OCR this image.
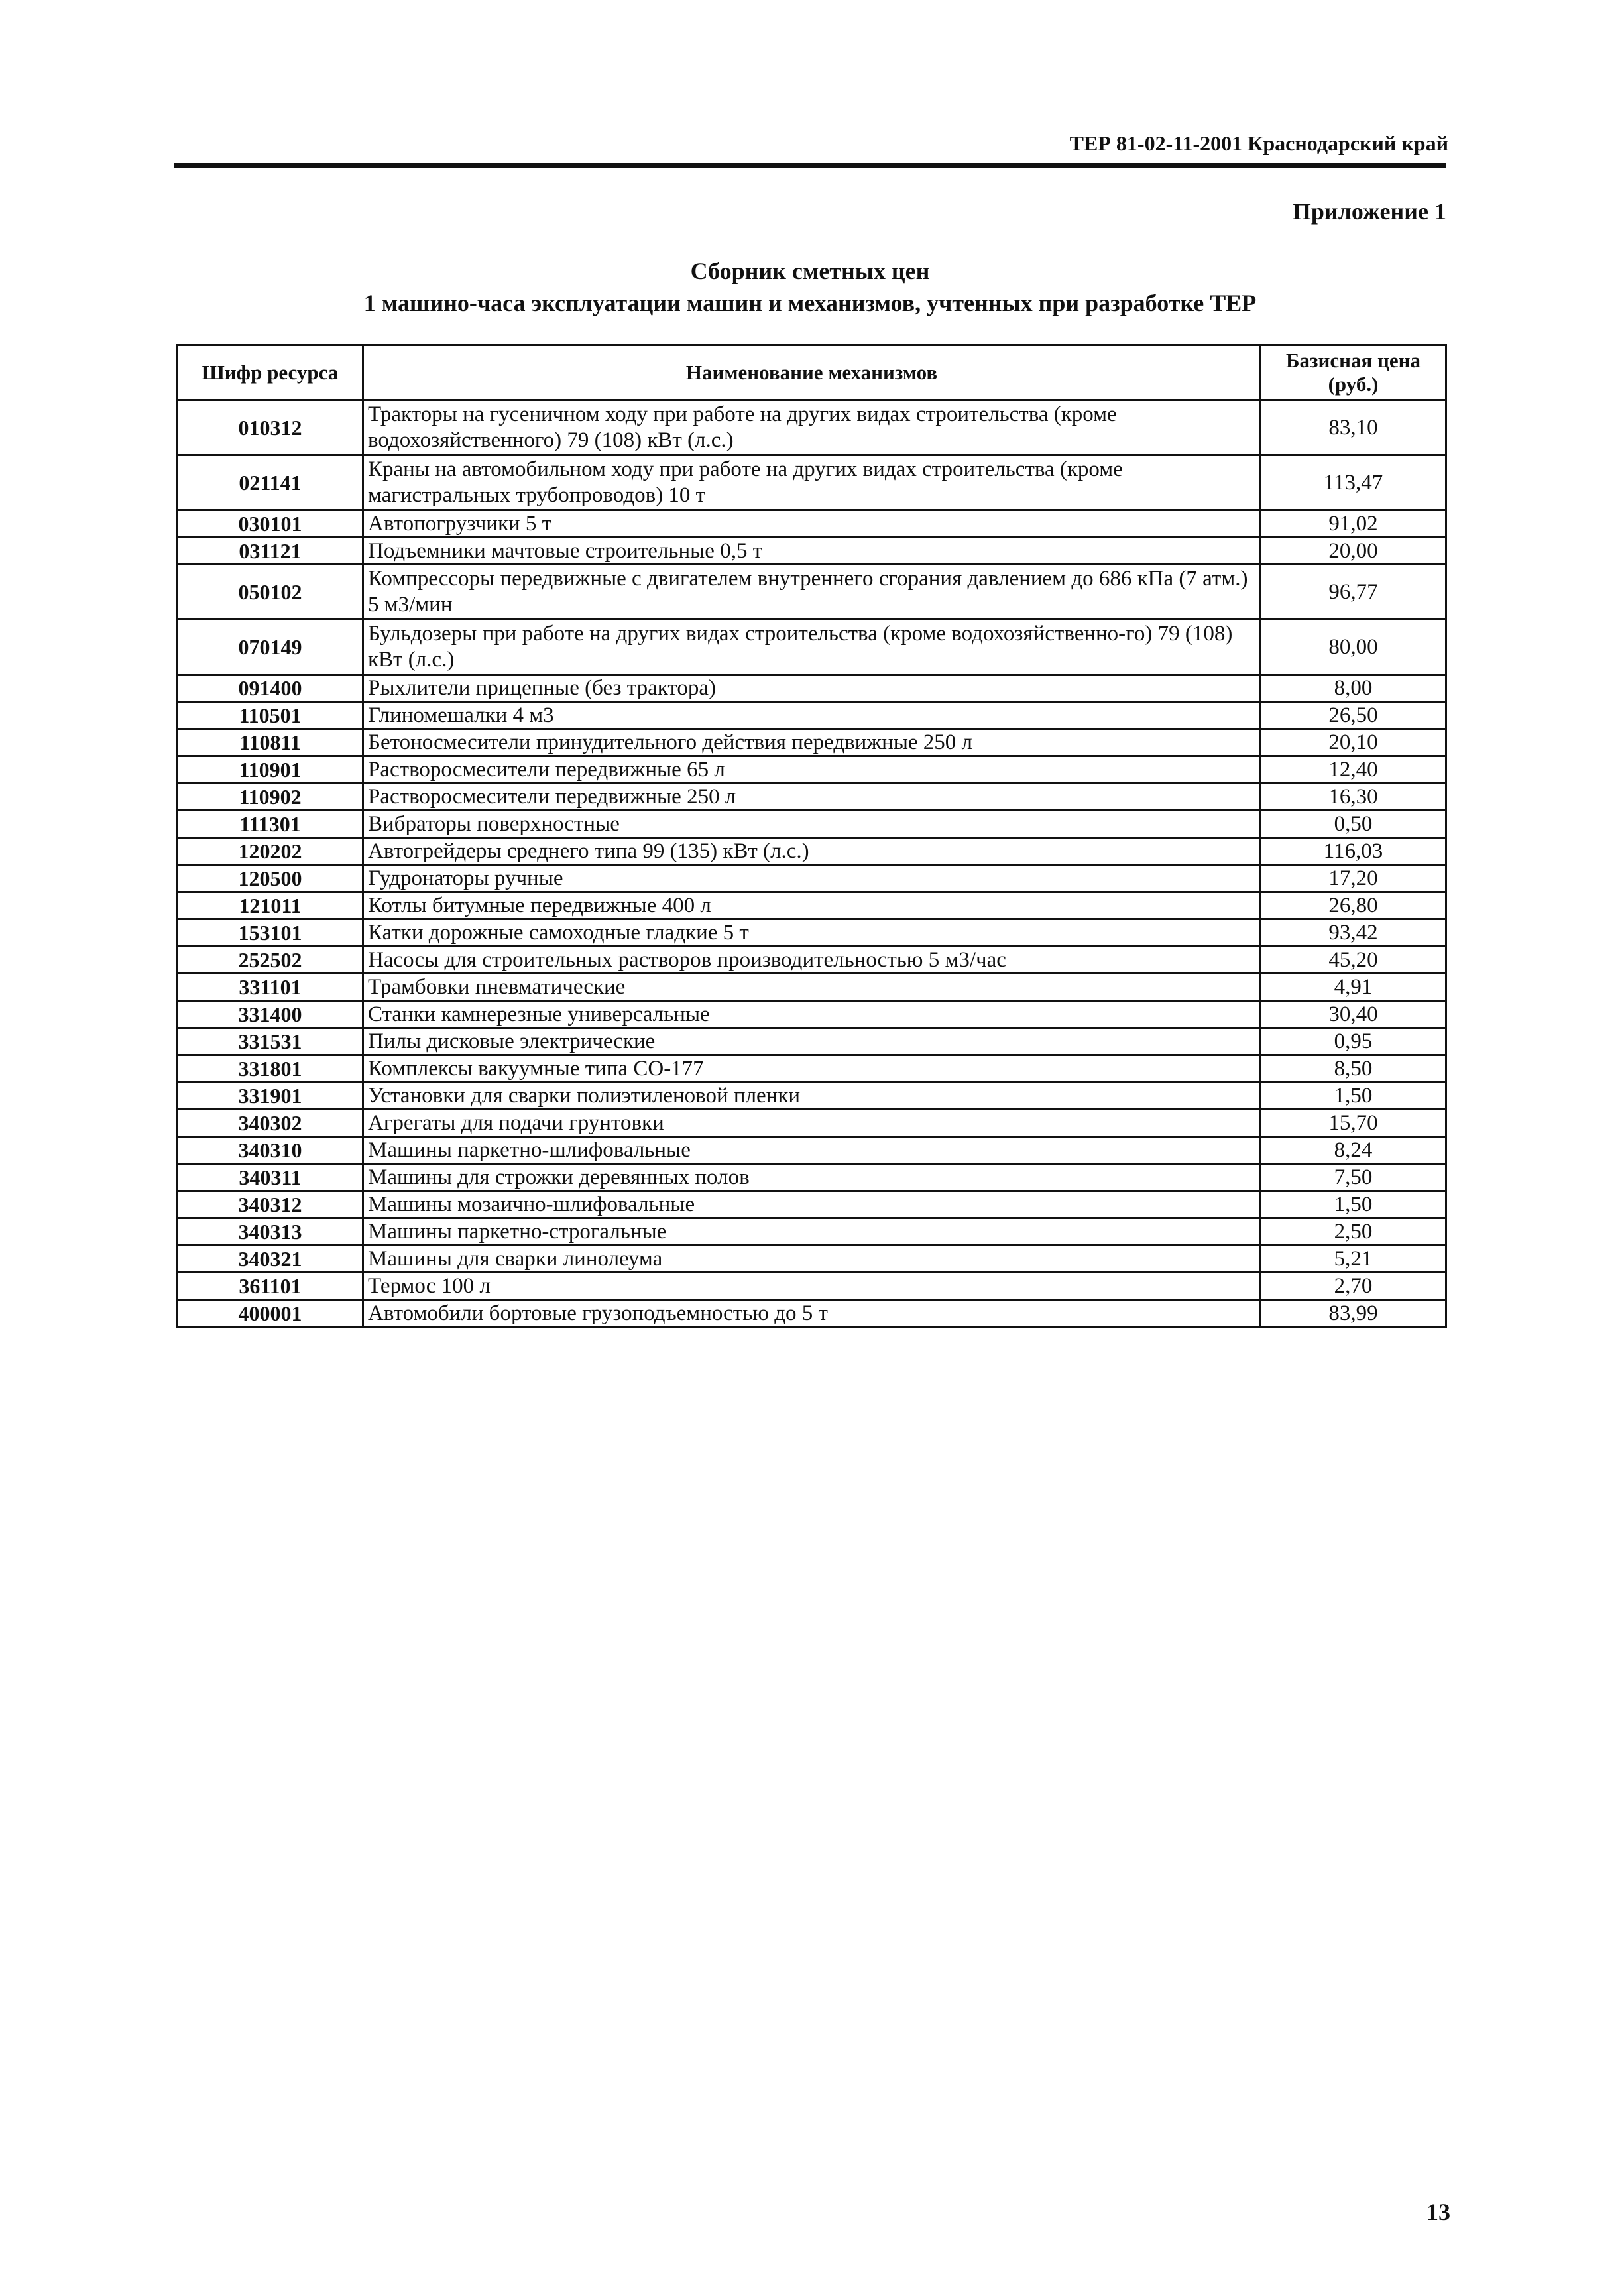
ТЕР 81-02-11-2001 Краснодарский край
Приложение 1
Сборник сметных цен
1 машино-часа эксплуатации машин и механизмов, учтенных при разработке ТЕР
Шифр ресурса	Наименование механизмов	Базисная цена (руб.)
010312	Тракторы на гусеничном ходу при работе на других видах строительства (кроме водохозяйственного) 79 (108) кВт (л.с.)	83,10
021141	Краны на автомобильном ходу при работе на других видах строительства (кроме магистральных трубопроводов) 10 т	113,47
030101	Автопогрузчики 5 т	91,02
031121	Подъемники мачтовые строительные 0,5 т	20,00
050102	Компрессоры передвижные с двигателем внутреннего сгорания давлением до 686 кПа (7 атм.) 5 м3/мин	96,77
070149	Бульдозеры при работе на других видах строительства (кроме водохозяйственно-го) 79 (108) кВт (л.с.)	80,00
091400	Рыхлители прицепные (без трактора)	8,00
110501	Глиномешалки 4 м3	26,50
110811	Бетоносмесители принудительного действия передвижные 250 л	20,10
110901	Растворосмесители передвижные 65 л	12,40
110902	Растворосмесители передвижные 250 л	16,30
111301	Вибраторы поверхностные	0,50
120202	Автогрейдеры среднего типа 99 (135) кВт (л.с.)	116,03
120500	Гудронаторы ручные	17,20
121011	Котлы битумные передвижные 400 л	26,80
153101	Катки дорожные самоходные гладкие 5 т	93,42
252502	Насосы для строительных растворов производительностью 5 м3/час	45,20
331101	Трамбовки пневматические	4,91
331400	Станки камнерезные универсальные	30,40
331531	Пилы дисковые электрические	0,95
331801	Комплексы вакуумные типа СО-177	8,50
331901	Установки для сварки полиэтиленовой пленки	1,50
340302	Агрегаты для подачи грунтовки	15,70
340310	Машины паркетно-шлифовальные	8,24
340311	Машины для строжки деревянных полов	7,50
340312	Машины мозаично-шлифовальные	1,50
340313	Машины паркетно-строгальные	2,50
340321	Машины для сварки линолеума	5,21
361101	Термос 100 л	2,70
400001	Автомобили бортовые грузоподъемностью до 5 т	83,99
13
